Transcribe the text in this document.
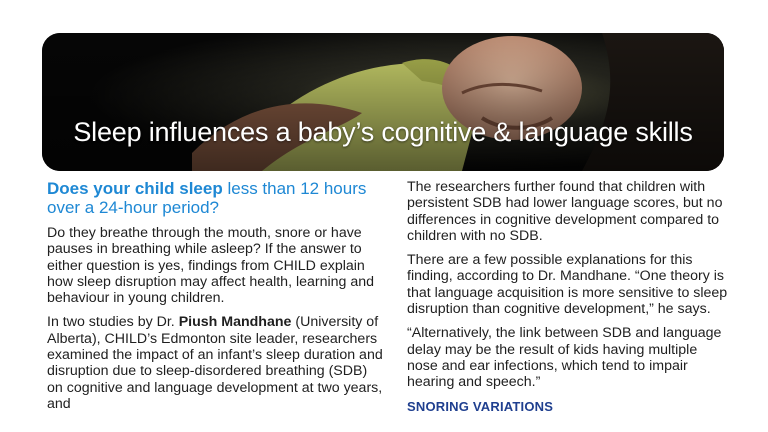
Sleep influences a baby’s cognitive & language skills

Does your child sleep less than 12 hours over a 24-hour period?

Do they breathe through the mouth, snore or have pauses in breathing while asleep? If the answer to either question is yes, findings from CHILD explain how sleep disruption may affect health, learning and behaviour in young children.

In two studies by Dr. Piush Mandhane (University of Alberta), CHILD’s Edmonton site leader, researchers examined the impact of an infant’s sleep duration and disruption due to sleep-disordered breathing (SDB) on cognitive and language development at two years, and

The researchers further found that children with persistent SDB had lower language scores, but no differences in cognitive development compared to children with no SDB.

There are a few possible explanations for this finding, according to Dr. Mandhane. “One theory is that language acquisition is more sensitive to sleep disruption than cognitive development,” he says.

“Alternatively, the link between SDB and language delay may be the result of kids having multiple nose and ear infections, which tend to impair hearing and speech.”

SNORING VARIATIONS
